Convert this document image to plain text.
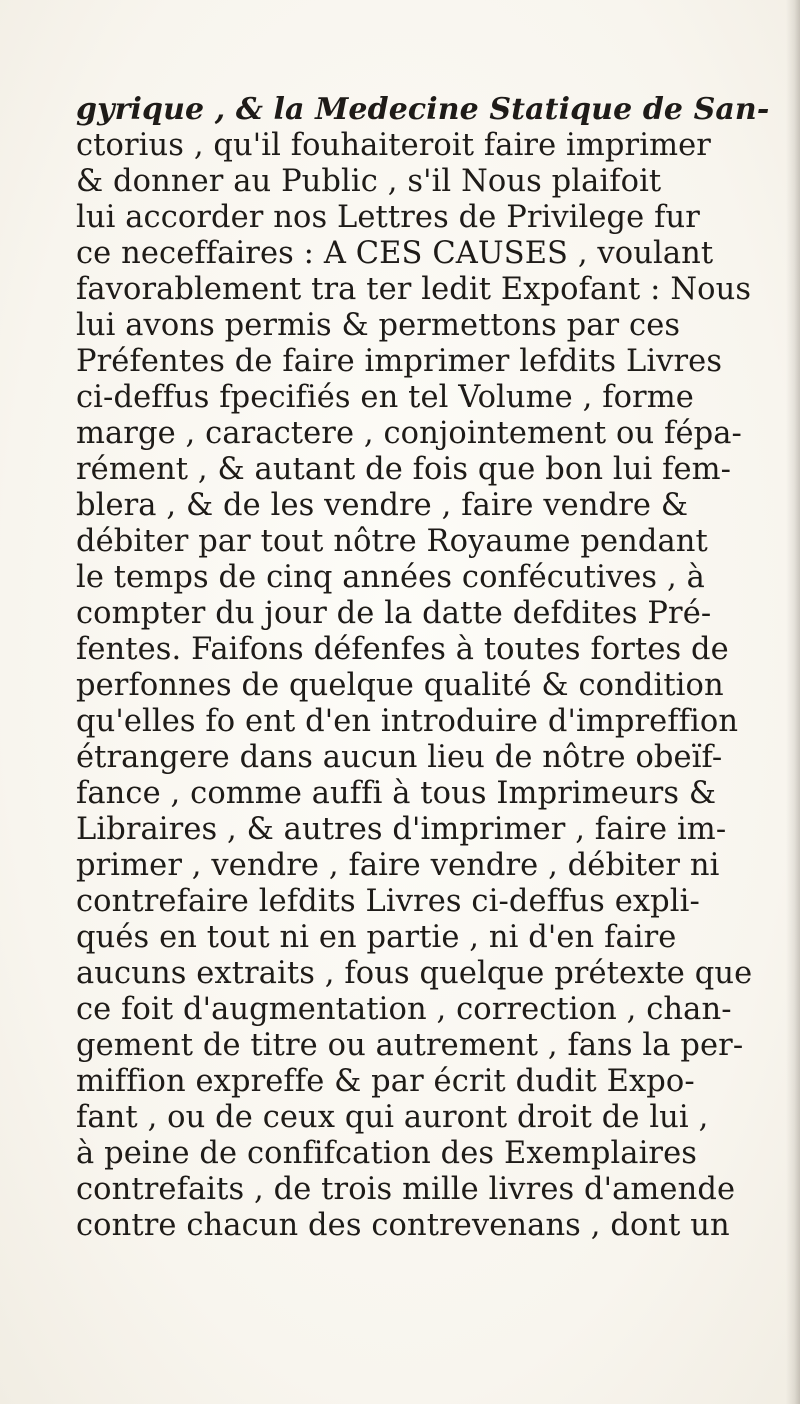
gyrique , & la Medecine Statique de San-
ctorius , qu'il fouhaiteroit faire imprimer
& donner au Public , s'il Nous plaifoit
lui accorder nos Lettres de Privilege fur
ce neceffaires : A CES CAUSES , voulant
favorablement tra ter ledit Expofant : Nous
lui avons permis & permettons par ces
Préfentes de faire imprimer lefdits Livres
ci-deffus fpecifiés en tel Volume , forme
marge , caractere , conjointement ou fépa-
rément , & autant de fois que bon lui fem-
blera , & de les vendre , faire vendre &
débiter par tout nôtre Royaume pendant
le temps de cinq années confécutives , à
compter du jour de la datte defdites Pré-
fentes. Faifons défenfes à toutes fortes de
perfonnes de quelque qualité & condition
qu'elles fo ent d'en introduire d'impreffion
étrangere dans aucun lieu de nôtre obeïf-
fance , comme auffi à tous Imprimeurs &
Libraires , & autres d'imprimer , faire im-
primer , vendre , faire vendre , débiter ni
contrefaire lefdits Livres ci-deffus expli-
qués en tout ni en partie , ni d'en faire
aucuns extraits , fous quelque prétexte que
ce foit d'augmentation , correction , chan-
gement de titre ou autrement , fans la per-
miffion expreffe & par écrit dudit Expo-
fant , ou de ceux qui auront droit de lui ,
à peine de confifcation des Exemplaires
contrefaits , de trois mille livres d'amende
contre chacun des contrevenans , dont un
